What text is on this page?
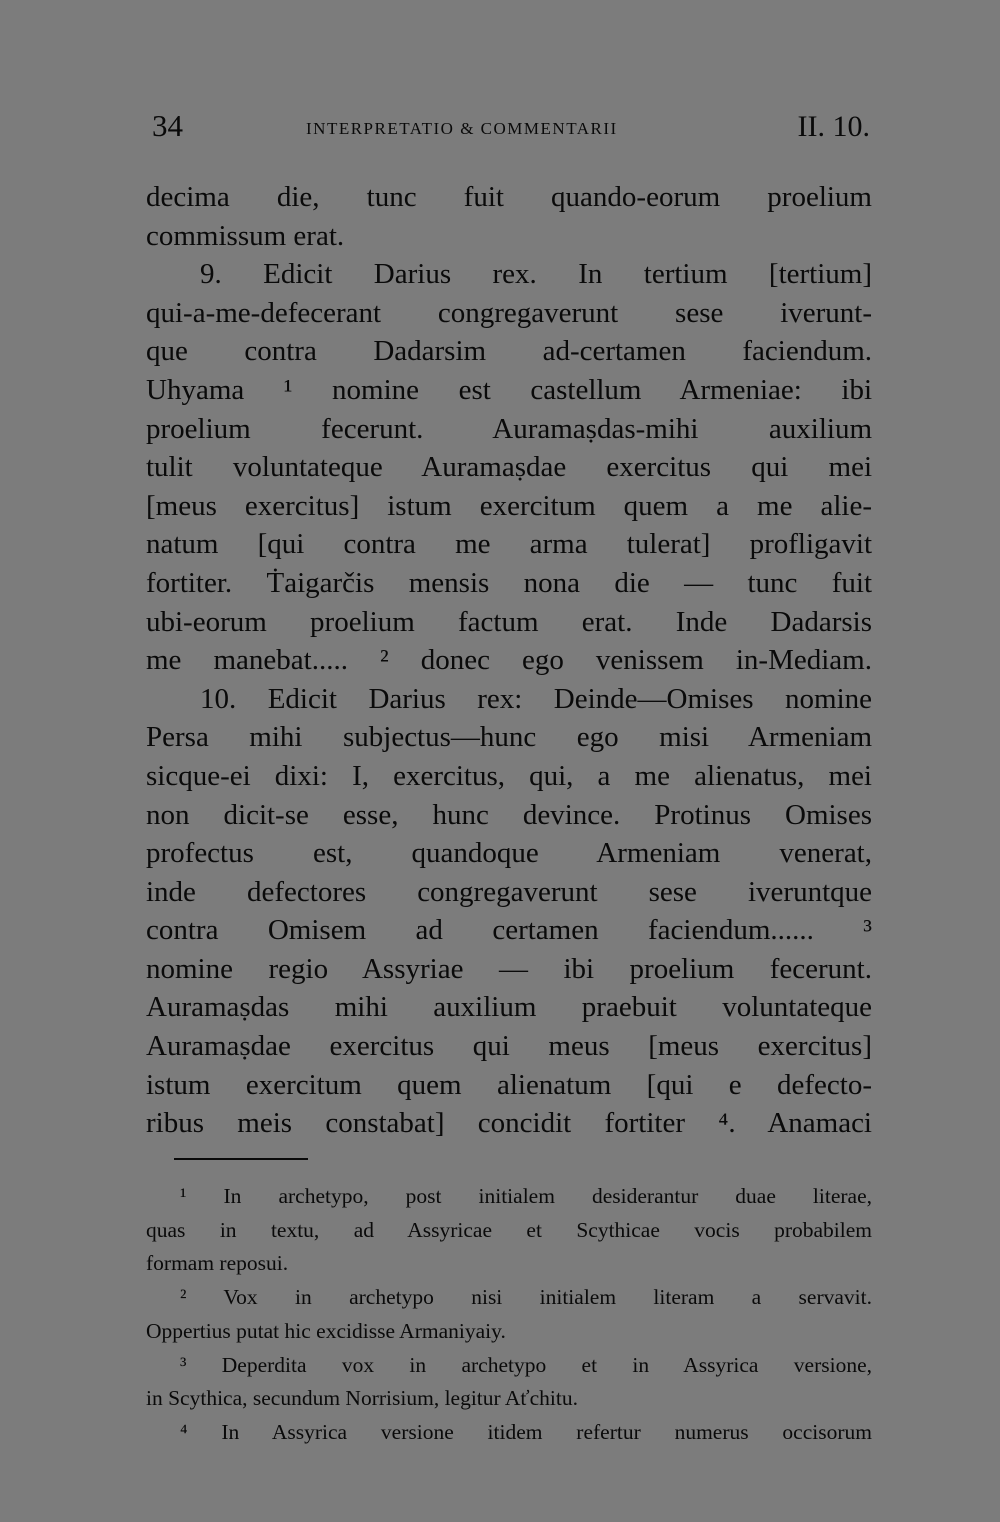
34	INTERPRETATIO & COMMENTARII	II. 10.
decima die, tunc fuit quando-eorum proelium
commissum erat.
9. Edicit Darius rex. In tertium [tertium]
qui-a-me-defecerant congregaverunt sese iverunt-
que contra Dadarsim ad-certamen faciendum.
Uhyama ¹ nomine est castellum Armeniae: ibi
proelium fecerunt. Auramaṣdas-mihi auxilium
tulit voluntateque Auramaṣdae exercitus qui mei
[meus exercitus] istum exercitum quem a me alie-
natum [qui contra me arma tulerat] profligavit
fortiter. Ṫaigarčis mensis nona die — tunc fuit
ubi-eorum proelium factum erat. Inde Dadarsis
me manebat..... ² donec ego venissem in-Mediam.
10. Edicit Darius rex: Deinde—Omises nomine
Persa mihi subjectus—hunc ego misi Armeniam
sicque-ei dixi: I, exercitus, qui, a me alienatus, mei
non dicit-se esse, hunc devince. Protinus Omises
profectus est, quandoque Armeniam venerat,
inde defectores congregaverunt sese iveruntque
contra Omisem ad certamen faciendum...... ³
nomine regio Assyriae — ibi proelium fecerunt.
Auramaṣdas mihi auxilium praebuit voluntateque
Auramaṣdae exercitus qui meus [meus exercitus]
istum exercitum quem alienatum [qui e defecto-
ribus meis constabat] concidit fortiter ⁴. Anamaci
¹ In archetypo, post initialem desiderantur duae literae,
quas in textu, ad Assyricae et Scythicae vocis probabilem
formam reposui.
² Vox in archetypo nisi initialem literam a servavit.
Oppertius putat hic excidisse Armaniyaiy.
³ Deperdita vox in archetypo et in Assyrica versione,
in Scythica, secundum Norrisium, legitur Aťchitu.
⁴ In Assyrica versione itidem refertur numerus occisorum
